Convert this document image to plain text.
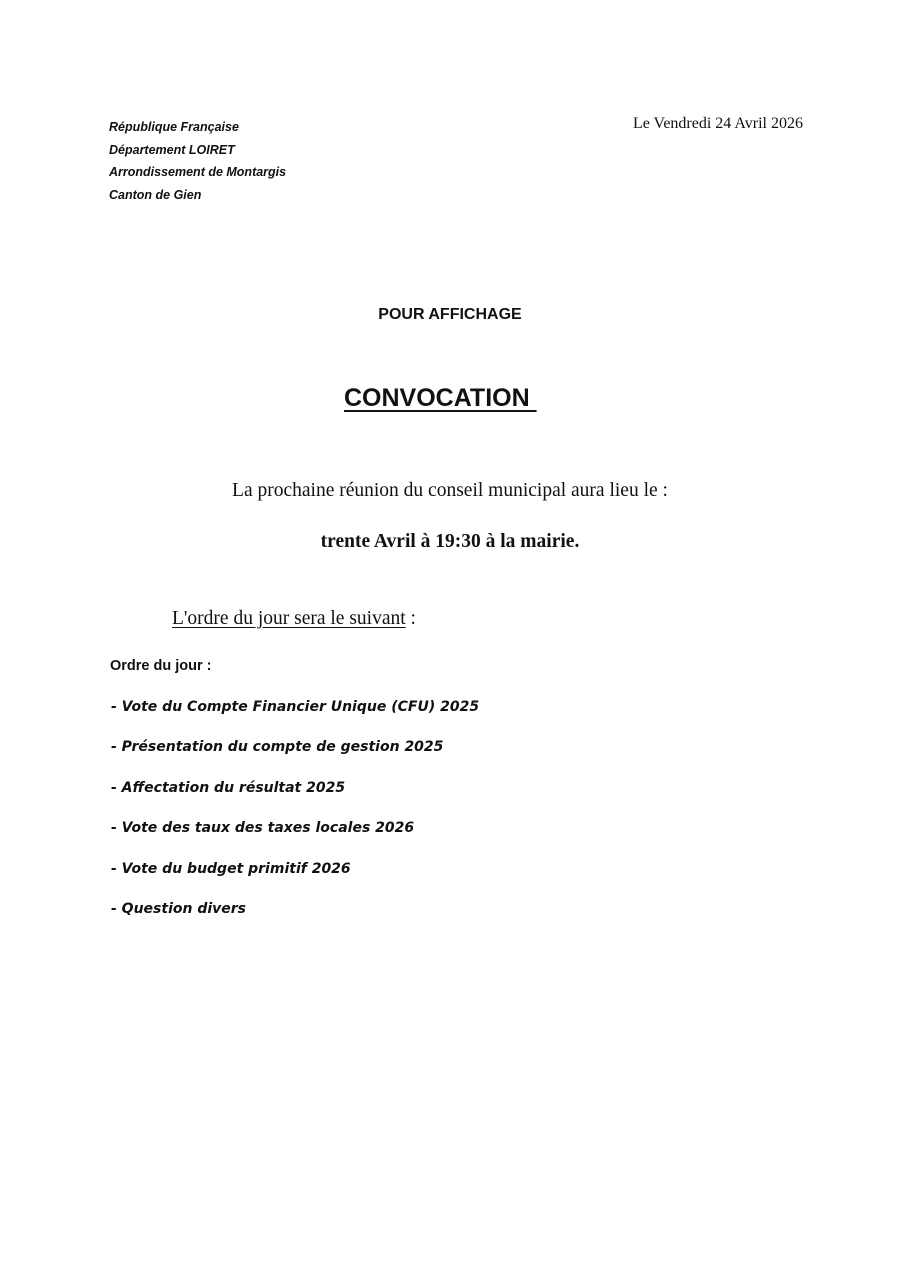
République Française
Département LOIRET
Arrondissement de Montargis
Canton de Gien
Le Vendredi 24 Avril 2026
POUR AFFICHAGE
CONVOCATION
La prochaine réunion du conseil municipal aura lieu le :
trente Avril à 19:30 à la mairie.
L'ordre du jour sera le suivant :
Ordre du jour :
- Vote du Compte Financier Unique (CFU) 2025
- Présentation du compte de gestion 2025
- Affectation du résultat 2025
- Vote des taux des taxes locales 2026
- Vote du budget primitif 2026
- Question divers
